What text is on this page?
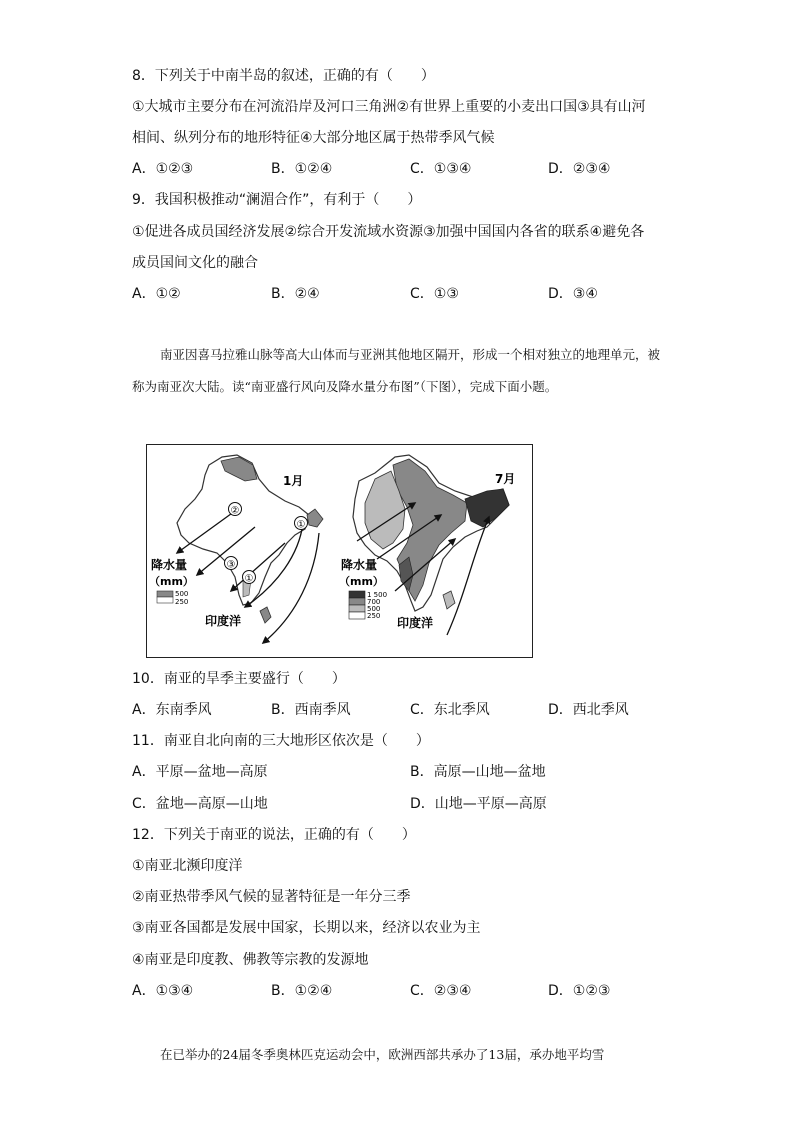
8．下列关于中南半岛的叙述，正确的有（　　）
①大城市主要分布在河流沿岸及河口三角洲②有世界上重要的小麦出口国③具有山河
相间、纵列分布的地形特征④大部分地区属于热带季风气候
A．①②③	B．①②④	C．①③④	D．②③④
9．我国积极推动“澜湄合作”，有利于（　　）
①促进各成员国经济发展②综合开发流域水资源③加强中国国内各省的联系④避免各
成员国间文化的融合
A．①②	B．②④	C．①③	D．③④
南亚因喜马拉雅山脉等高大山体而与亚洲其他地区隔开，形成一个相对独立的地理单元，被称为南亚次大陆。读“南亚盛行风向及降水量分布图”（下图），完成下面小题。
②
③
①
①
1月
降水量
（mm）
500
250
印度洋
7月
降水量
（mm）
1 500
700
500
250 印度洋
10．南亚的旱季主要盛行（　　）
A．东南季风	B．西南季风	C．东北季风	D．西北季风
11．南亚自北向南的三大地形区依次是（　　）
A．平原—盆地—高原	B．高原—山地—盆地
C．盆地—高原—山地	D．山地—平原—高原
12．下列关于南亚的说法，正确的有（　　）
①南亚北濒印度洋
②南亚热带季风气候的显著特征是一年分三季
③南亚各国都是发展中国家，长期以来，经济以农业为主
④南亚是印度教、佛教等宗教的发源地
A．①③④	B．①②④	C．②③④	D．①②③
在已举办的24届冬季奥林匹克运动会中，欧洲西部共承办了13届，承办地平均雪
